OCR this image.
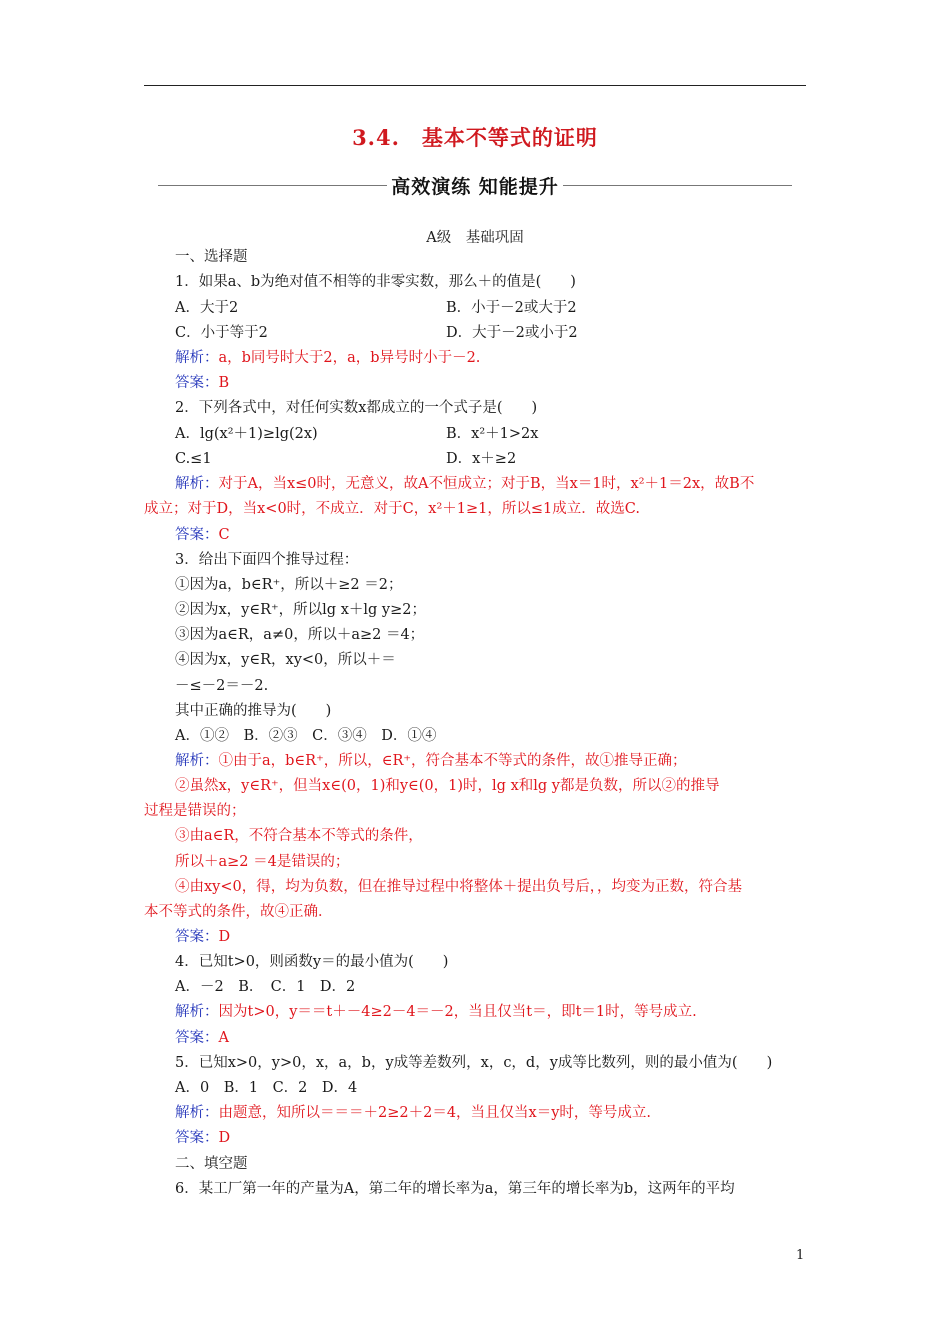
3.4. 基本不等式的证明
高效演练 知能提升
A级　基础巩固
一、选择题
1．如果a、b为绝对值不相等的非零实数，那么＋的值是(　　)
A．大于2	B．小于－2或大于2
C．小于等于2	D．大于－2或小于2
解析：a，b同号时大于2，a，b异号时小于－2.
答案：B
2．下列各式中，对任何实数x都成立的一个式子是(　　)
A．lg(x²＋1)≥lg(2x)	B．x²＋1>2x
C.≤1	D．x＋≥2
解析：对于A，当x≤0时，无意义，故A不恒成立；对于B，当x＝1时，x²＋1＝2x，故B不
成立；对于D，当x<0时，不成立．对于C，x²＋1≥1，所以≤1成立．故选C.
答案：C
3．给出下面四个推导过程：
①因为a，b∈R⁺，所以＋≥2 ＝2；
②因为x，y∈R⁺，所以lg x＋lg y≥2；
③因为a∈R，a≠0，所以＋a≥2 ＝4；
④因为x，y∈R，xy<0，所以＋＝
－≤－2＝－2.
其中正确的推导为(　　)
A．①②　B．②③　C．③④　D．①④
解析：①由于a，b∈R⁺，所以，∈R⁺，符合基本不等式的条件，故①推导正确；
②虽然x，y∈R⁺，但当x∈(0，1)和y∈(0，1)时，lg x和lg y都是负数，所以②的推导
过程是错误的；
③由a∈R，不符合基本不等式的条件，
所以＋a≥2 ＝4是错误的；
④由xy<0，得，均为负数，但在推导过程中将整体＋提出负号后，，均变为正数，符合基
本不等式的条件，故④正确．
答案：D
4．已知t>0，则函数y＝的最小值为(　　)
A．－2　B．　C．1　D．2
解析：因为t>0，y＝＝t＋－4≥2－4＝－2，当且仅当t＝，即t＝1时，等号成立.
答案：A
5．已知x>0，y>0，x，a，b，y成等差数列，x，c，d，y成等比数列，则的最小值为(　　)
A．0　B．1　C．2　D．4
解析：由题意，知所以＝＝＝＋2≥2＋2＝4，当且仅当x＝y时，等号成立.
答案：D
二、填空题
6．某工厂第一年的产量为A，第二年的增长率为a，第三年的增长率为b，这两年的平均
1
